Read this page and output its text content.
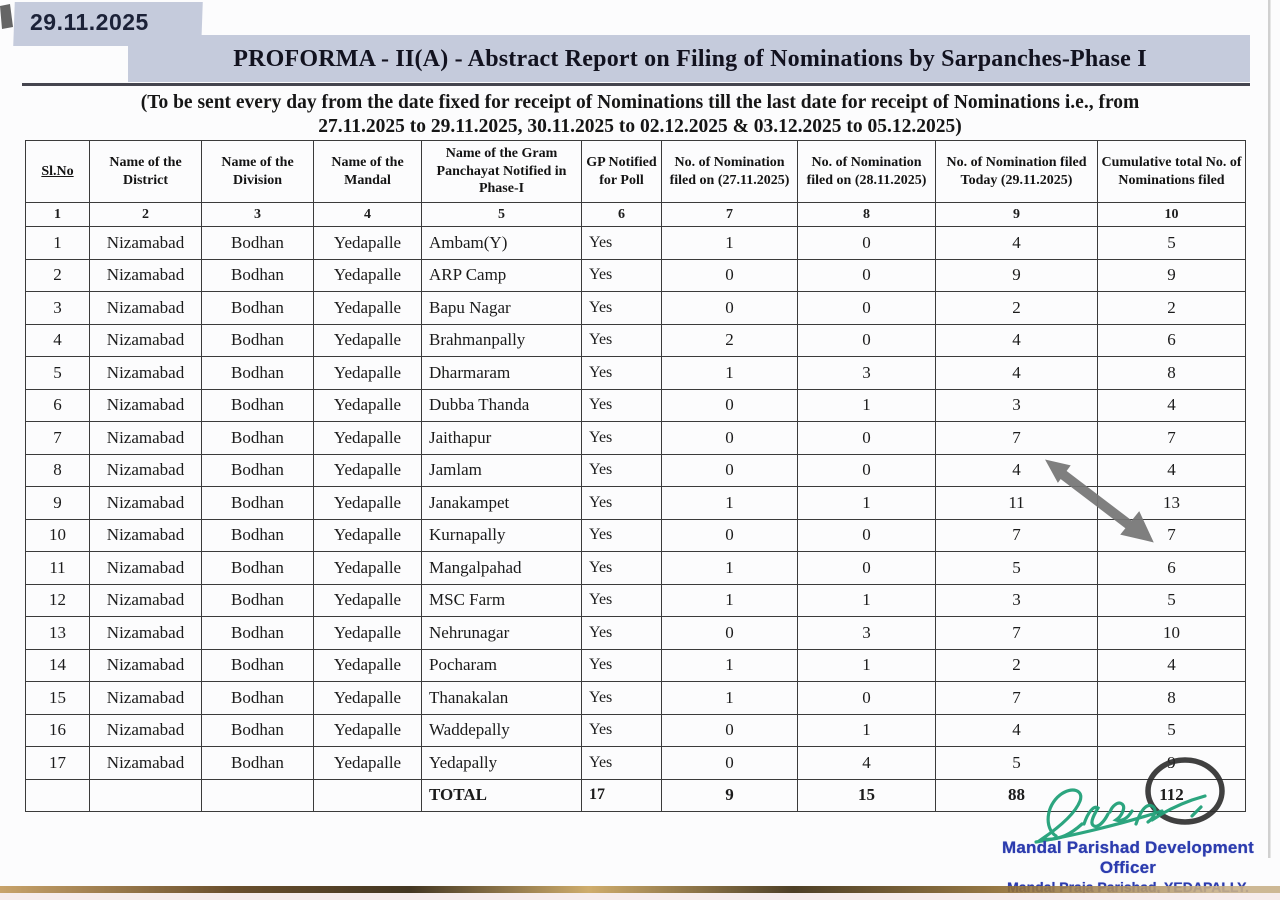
29.11.2025
PROFORMA - II(A) - Abstract Report on Filing of Nominations by Sarpanches-Phase I
(To be sent every day from the date fixed for receipt of Nominations till the last date for receipt of Nominations i.e., from
27.11.2025 to 29.11.2025, 30.11.2025 to 02.12.2025 & 03.12.2025 to 05.12.2025)
Sl.No	Name of the District	Name of the Division	Name of the Mandal	Name of the Gram Panchayat Notified in Phase-I	GP Notified for Poll	No. of Nomination filed on (27.11.2025)	No. of Nomination filed on (28.11.2025)	No. of Nomination filed Today (29.11.2025)	Cumulative total No. of Nominations filed
1	2	3	4	5	6	7	8	9	10
1	Nizamabad	Bodhan	Yedapalle	Ambam(Y)	Yes	1	0	4	5
2	Nizamabad	Bodhan	Yedapalle	ARP Camp	Yes	0	0	9	9
3	Nizamabad	Bodhan	Yedapalle	Bapu Nagar	Yes	0	0	2	2
4	Nizamabad	Bodhan	Yedapalle	Brahmanpally	Yes	2	0	4	6
5	Nizamabad	Bodhan	Yedapalle	Dharmaram	Yes	1	3	4	8
6	Nizamabad	Bodhan	Yedapalle	Dubba Thanda	Yes	0	1	3	4
7	Nizamabad	Bodhan	Yedapalle	Jaithapur	Yes	0	0	7	7
8	Nizamabad	Bodhan	Yedapalle	Jamlam	Yes	0	0	4	4
9	Nizamabad	Bodhan	Yedapalle	Janakampet	Yes	1	1	11	13
10	Nizamabad	Bodhan	Yedapalle	Kurnapally	Yes	0	0	7	7
11	Nizamabad	Bodhan	Yedapalle	Mangalpahad	Yes	1	0	5	6
12	Nizamabad	Bodhan	Yedapalle	MSC Farm	Yes	1	1	3	5
13	Nizamabad	Bodhan	Yedapalle	Nehrunagar	Yes	0	3	7	10
14	Nizamabad	Bodhan	Yedapalle	Pocharam	Yes	1	1	2	4
15	Nizamabad	Bodhan	Yedapalle	Thanakalan	Yes	1	0	7	8
16	Nizamabad	Bodhan	Yedapalle	Waddepally	Yes	0	1	4	5
17	Nizamabad	Bodhan	Yedapalle	Yedapally	Yes	0	4	5	9
				TOTAL	17	9	15	88	112
Mandal Parishad Development Officer
